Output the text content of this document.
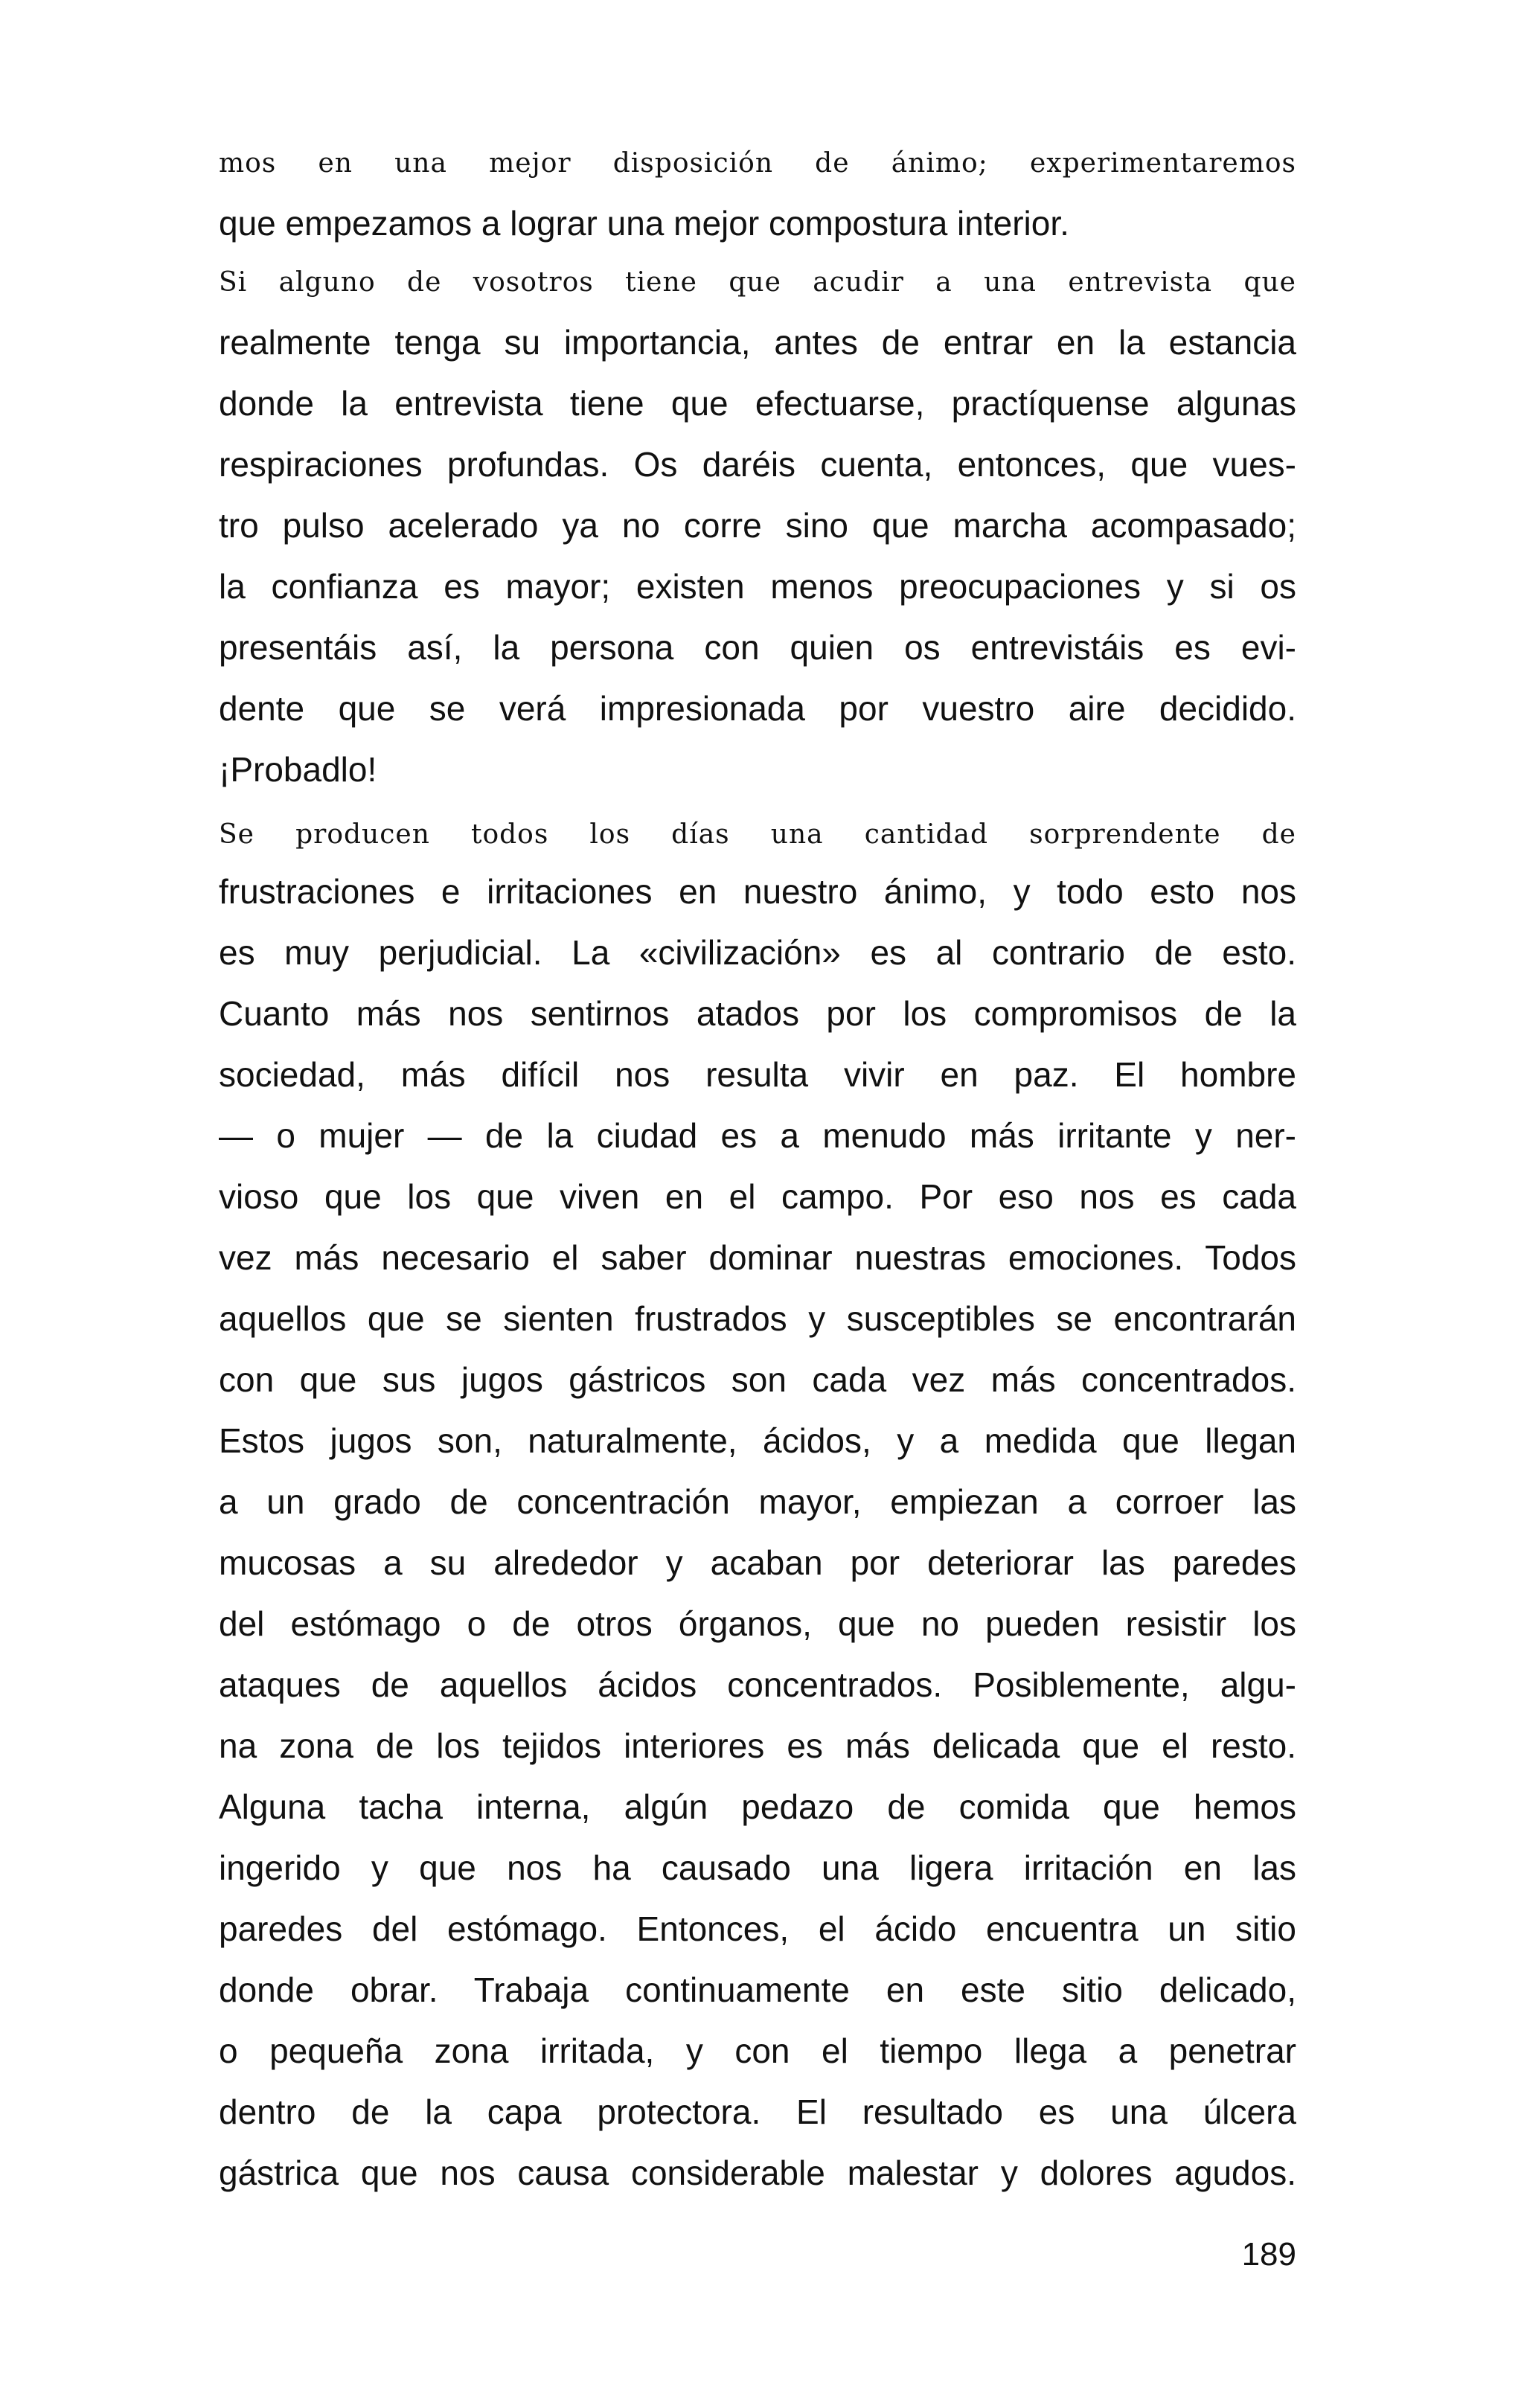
mos en una mejor disposición de ánimo; experimentaremos

que empezamos a lograr una mejor compostura interior.

Si alguno de vosotros tiene que acudir a una entrevista que

realmente tenga su importancia, antes de entrar en la estancia

donde la entrevista tiene que efectuarse, practíquense algunas

respiraciones profundas. Os daréis cuenta, entonces, que vues-

tro pulso acelerado ya no corre sino que marcha acompasado;

la confianza es mayor; existen menos preocupaciones y si os

presentáis así, la persona con quien os entrevistáis es evi-

dente que se verá impresionada por vuestro aire decidido.

¡Probadlo!

Se producen todos los días una cantidad sorprendente de

frustraciones e irritaciones en nuestro ánimo, y todo esto nos

es muy perjudicial. La «civilización» es al contrario de esto.

Cuanto más nos sentirnos atados por los compromisos de la

sociedad, más difícil nos resulta vivir en paz. El hombre

— o mujer — de la ciudad es a menudo más irritante y ner-

vioso que los que viven en el campo. Por eso nos es cada

vez más necesario el saber dominar nuestras emociones. Todos

aquellos que se sienten frustrados y susceptibles se encontrarán

con que sus jugos gástricos son cada vez más concentrados.

Estos jugos son, naturalmente, ácidos, y a medida que llegan

a un grado de concentración mayor, empiezan a corroer las

mucosas a su alrededor y acaban por deteriorar las paredes

del estómago o de otros órganos, que no pueden resistir los

ataques de aquellos ácidos concentrados. Posiblemente, algu-

na zona de los tejidos interiores es más delicada que el resto.

Alguna tacha interna, algún pedazo de comida que hemos

ingerido y que nos ha causado una ligera irritación en las

paredes del estómago. Entonces, el ácido encuentra un sitio

donde obrar. Trabaja continuamente en este sitio delicado,

o pequeña zona irritada, y con el tiempo llega a penetrar

dentro de la capa protectora. El resultado es una úlcera

gástrica que nos causa considerable malestar y dolores agudos.

189
